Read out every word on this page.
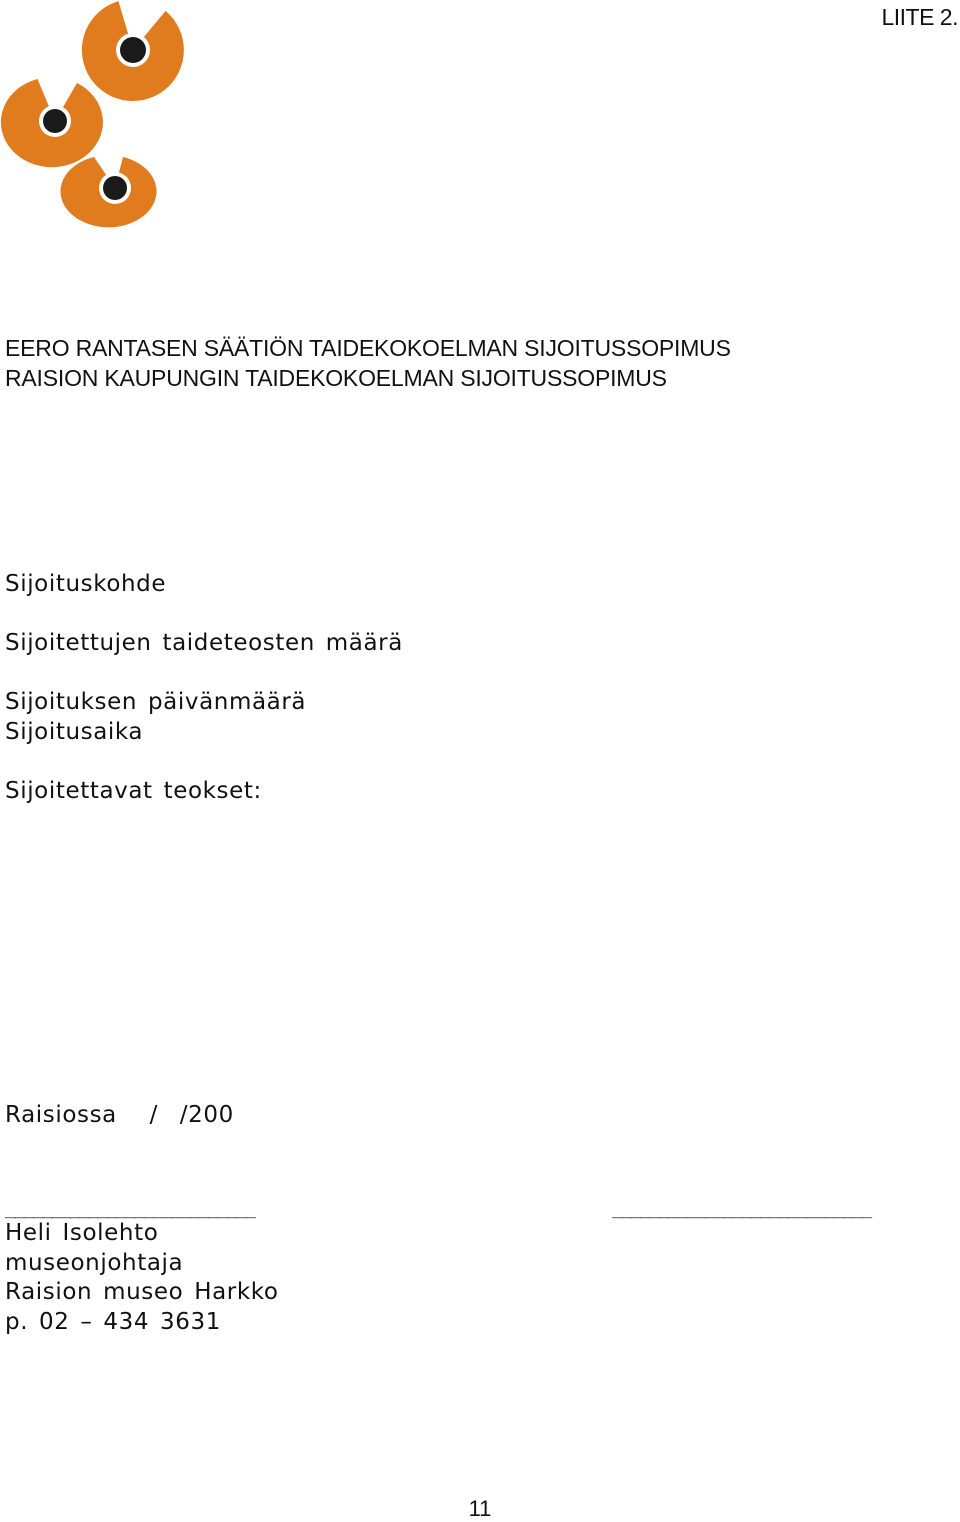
LIITE 2.
EERO RANTASEN SÄÄTIÖN TAIDEKOKOELMAN SIJOITUSSOPIMUS
RAISION KAUPUNGIN TAIDEKOKOELMAN SIJOITUSSOPIMUS
Sijoituskohde
Sijoitettujen taideteosten määrä
Sijoituksen päivänmäärä
Sijoitusaika
Sijoitettavat teokset:
Raisiossa   /  /200
___________________________	____________________________
Heli Isolehto
museonjohtaja
Raision museo Harkko
p. 02 – 434 3631
11
